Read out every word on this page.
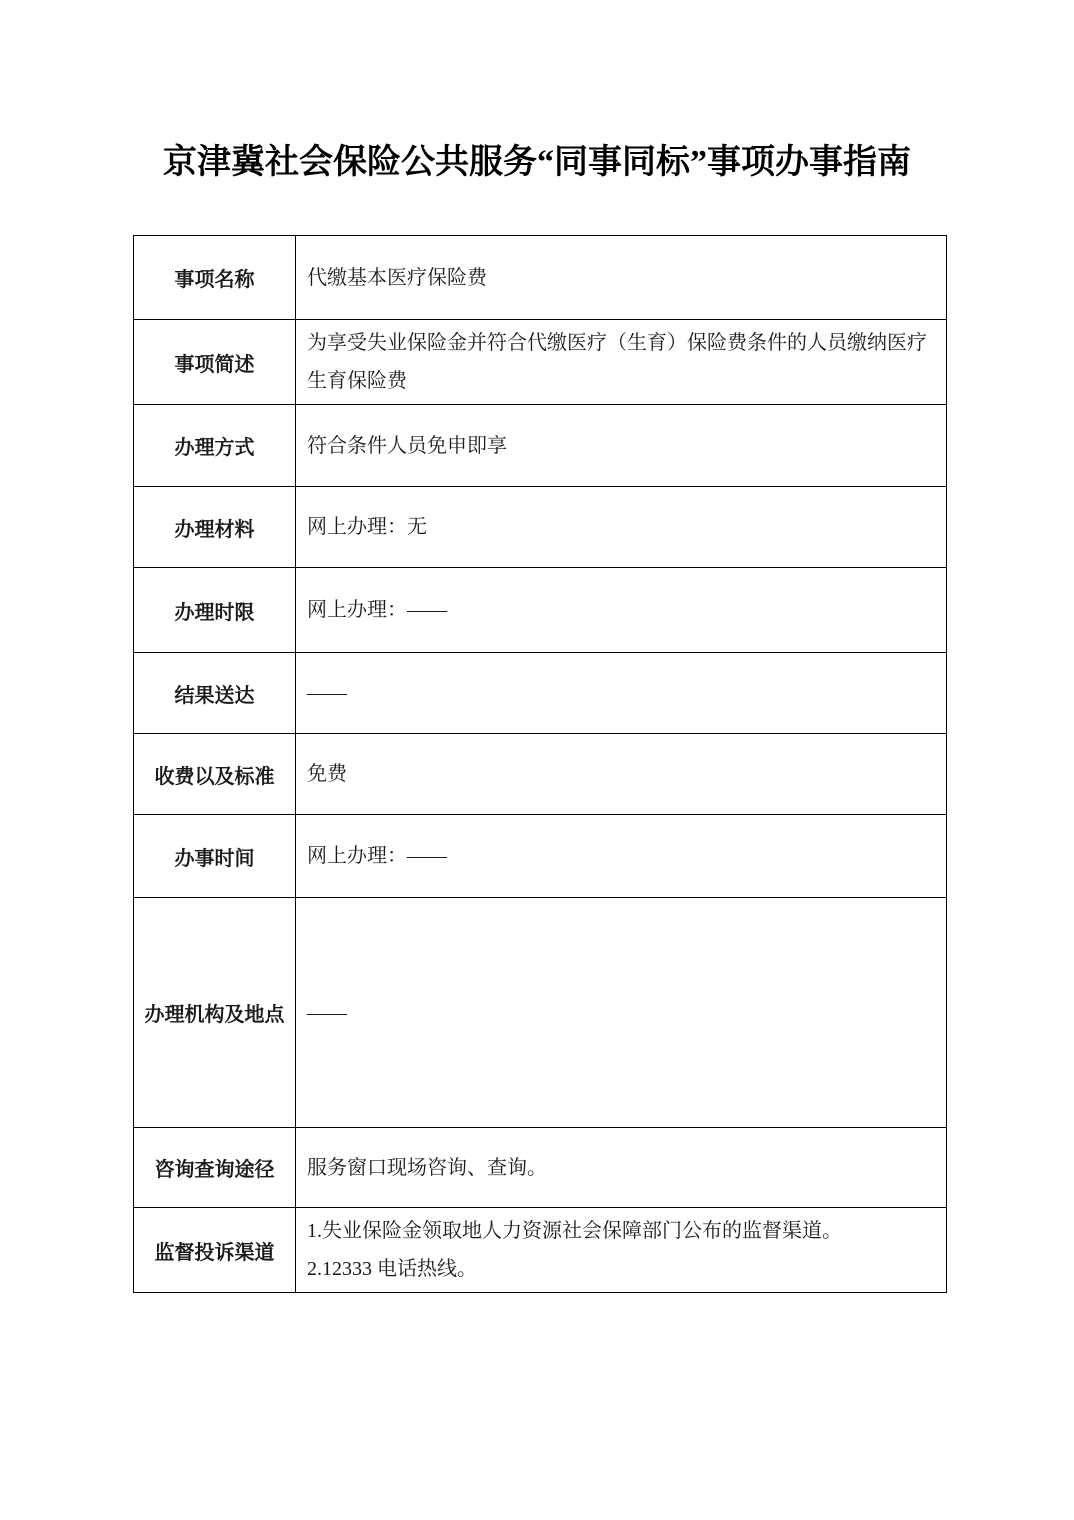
京津冀社会保险公共服务“同事同标”事项办事指南
事项名称	代缴基本医疗保险费

事项简述	为享受失业保险金并符合代缴医疗（生育）保险费条件的人员缴纳医疗生育保险费

办理方式	符合条件人员免申即享

办理材料	网上办理：无

办理时限	网上办理：——

结果送达	——

收费以及标准	免费

办事时间	网上办理：——

办理机构及地点	——

咨询查询途径	服务窗口现场咨询、查询。

监督投诉渠道	1.失业保险金领取地人力资源社会保障部门公布的监督渠道。
2.12333 电话热线。
